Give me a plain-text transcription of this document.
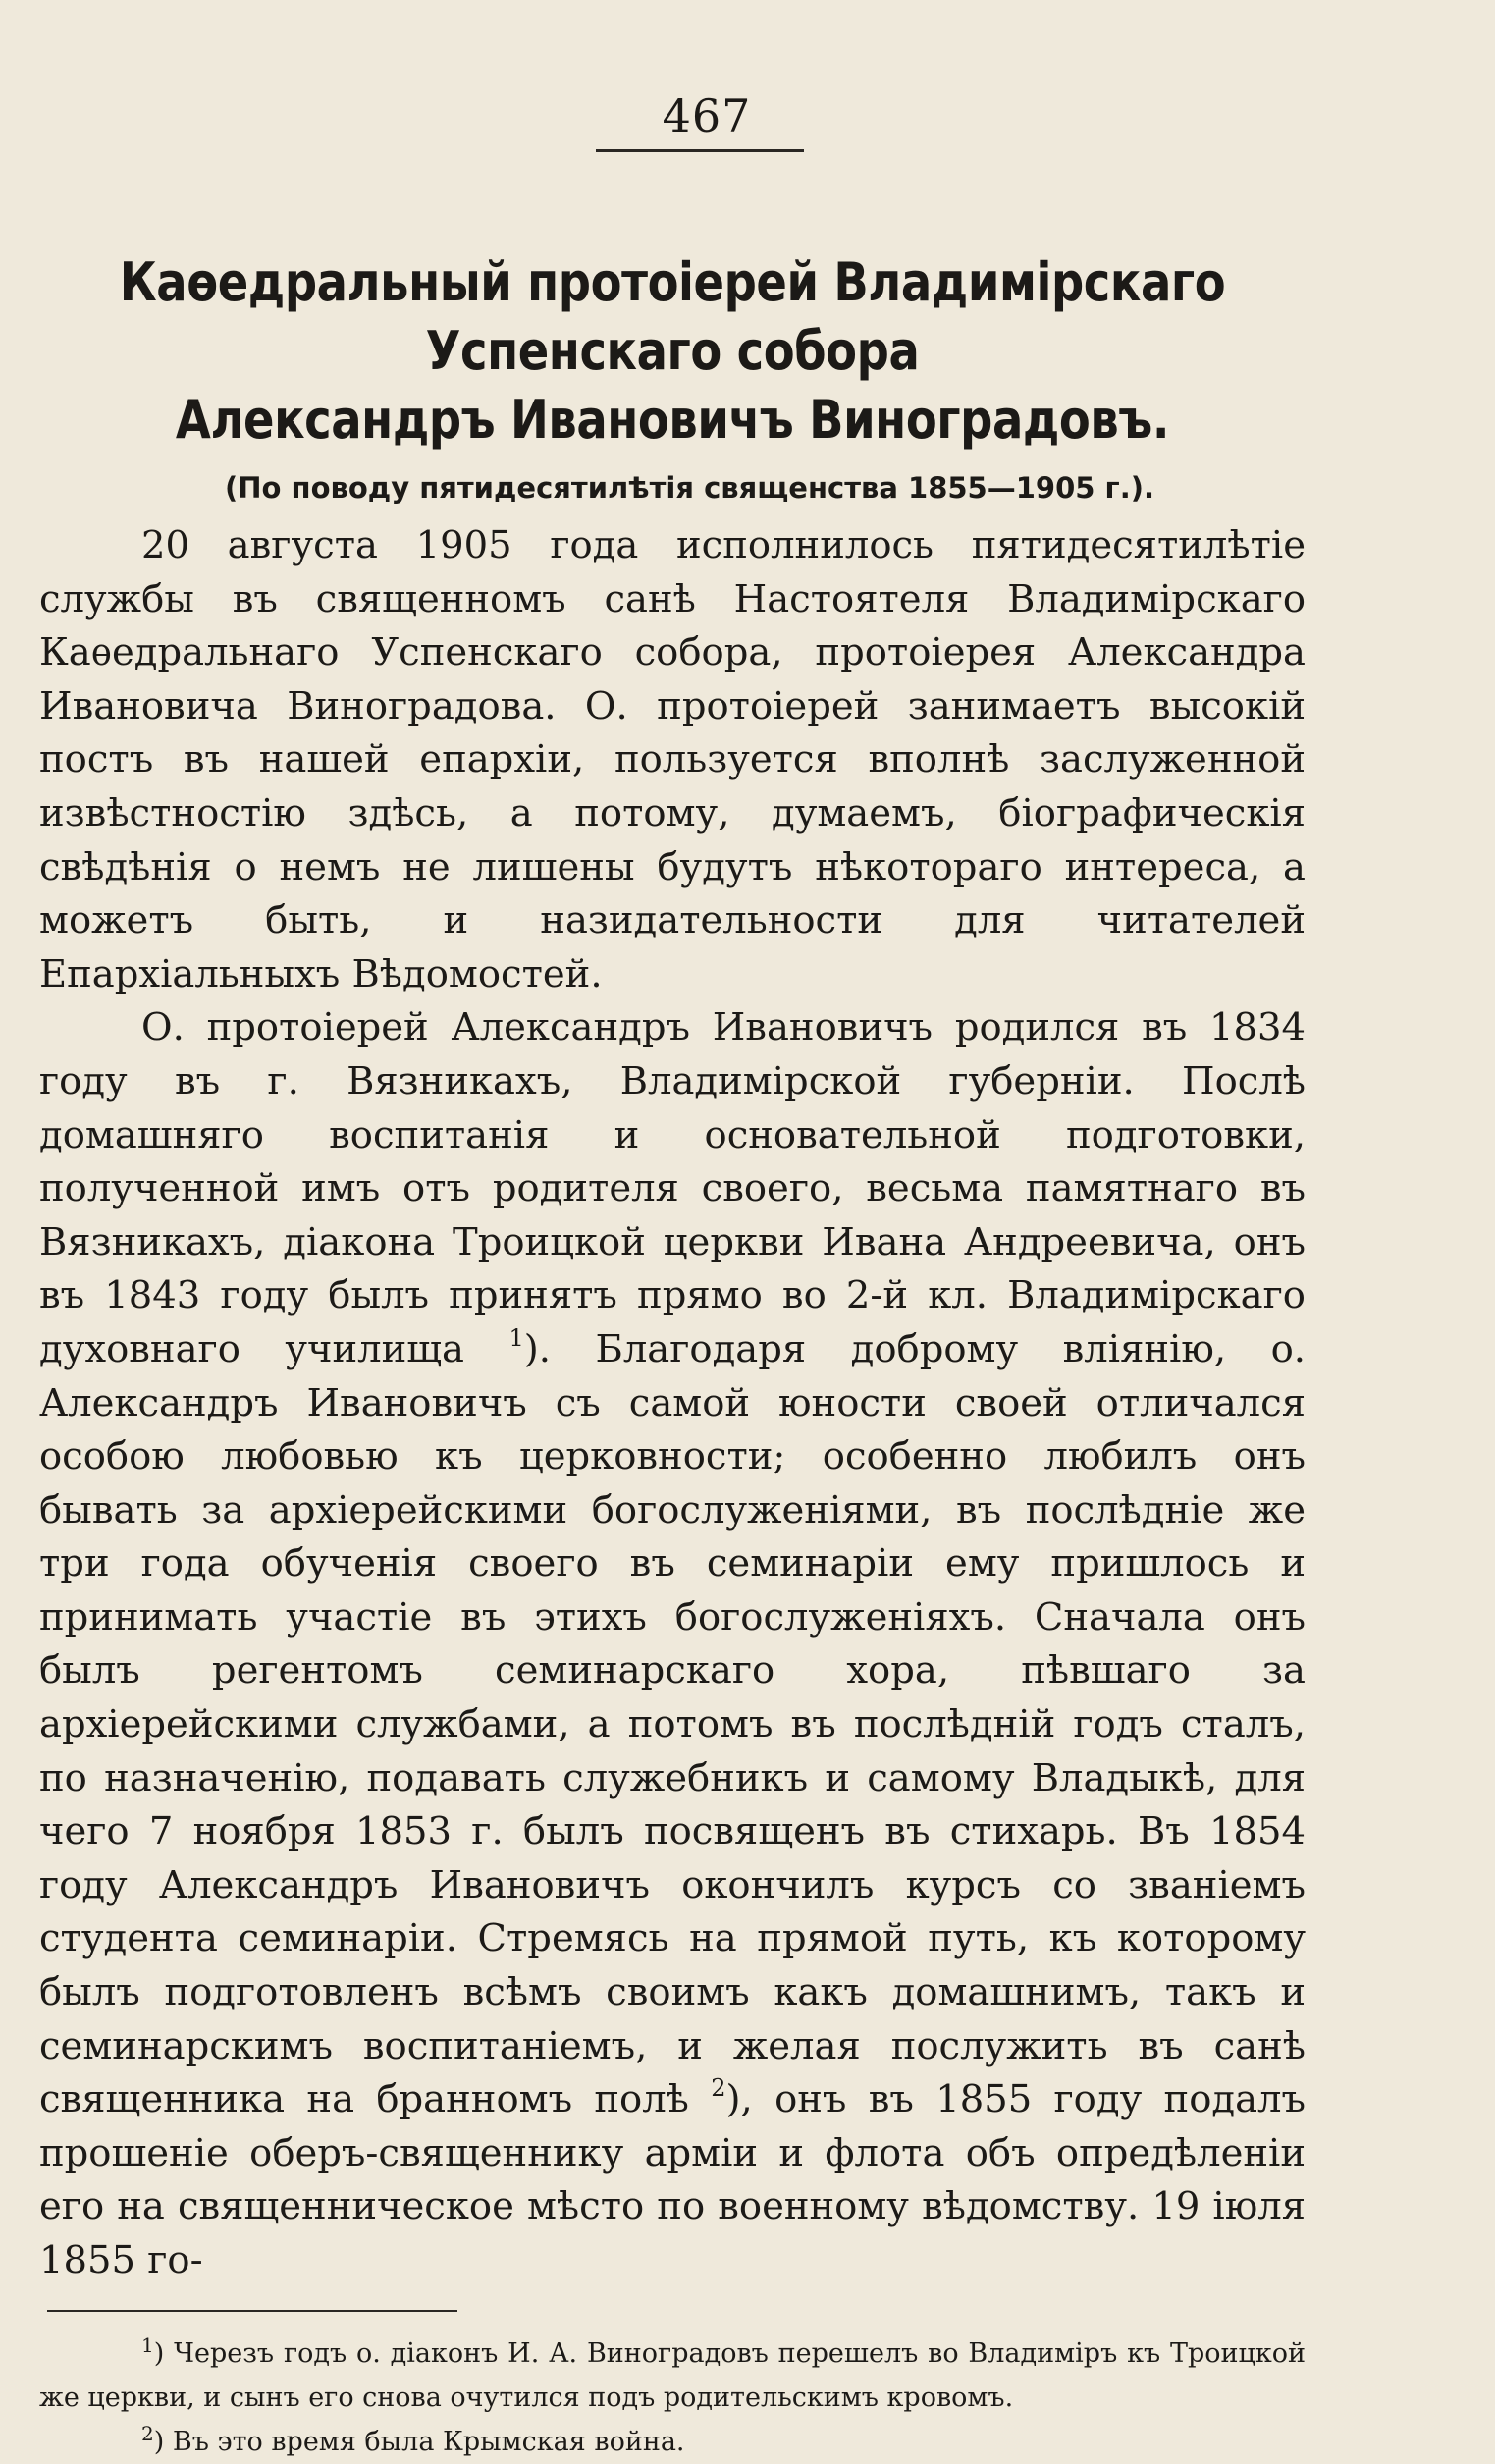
467
Каѳедральный протоіерей Владимірскаго Успенскаго собора
Александръ Ивановичъ Виноградовъ.
(По поводу пятидесятилѣтія священства 1855—1905 г.).

20 августа 1905 года исполнилось пятидесятилѣтіе службы въ священномъ санѣ Настоятеля Владимірскаго Каѳедральнаго Успенскаго собора, протоіерея Александра Ивановича Виноградова. О. протоіерей занимаетъ высокій постъ въ нашей епархіи, пользуется вполнѣ заслуженной извѣстностію здѣсь, а потому, думаемъ, біографическія свѣдѣнія о немъ не лишены будутъ нѣкотораго интереса, а можетъ быть, и назидательности для читателей Епархіальныхъ Вѣдомостей.

О. протоіерей Александръ Ивановичъ родился въ 1834 году въ г. Вязникахъ, Владимірской губерніи. Послѣ домашняго воспитанія и основательной подготовки, полученной имъ отъ родителя своего, весьма памятнаго въ Вязникахъ, діакона Троицкой церкви Ивана Андреевича, онъ въ 1843 году былъ принятъ прямо во 2-й кл. Владимірскаго духовнаго училища $^1$). Благодаря доброму вліянію, о. Александръ Ивановичъ съ самой юности своей отличался особою любовью къ церковности; особенно любилъ онъ бывать за архіерейскими богослуженіями, въ послѣдніе же три года обученія своего въ семинаріи ему пришлось и принимать участіе въ этихъ богослуженіяхъ. Сначала онъ былъ регентомъ семинарскаго хора, пѣвшаго за архіерейскими службами, а потомъ въ послѣдній годъ сталъ, по назначенію, подавать служебникъ и самому Владыкѣ, для чего 7 ноября 1853 г. былъ посвященъ въ стихарь. Въ 1854 году Александръ Ивановичъ окончилъ курсъ со званіемъ студента семинаріи. Стремясь на прямой путь, къ которому былъ подготовленъ всѣмъ своимъ какъ домашнимъ, такъ и семинарскимъ воспитаніемъ, и желая послужить въ санѣ священника на бранномъ полѣ $^2$), онъ въ 1855 году подалъ прошеніе оберъ-священнику арміи и флота объ опредѣленіи его на священническое мѣсто по военному вѣдомству. 19 іюля 1855 го-

$^1$) Черезъ годъ о. діаконъ И. А. Виноградовъ перешелъ во Владиміръ къ Троицкой же церкви, и сынъ его снова очутился подъ родительскимъ кровомъ.

$^2$) Въ это время была Крымская война.
